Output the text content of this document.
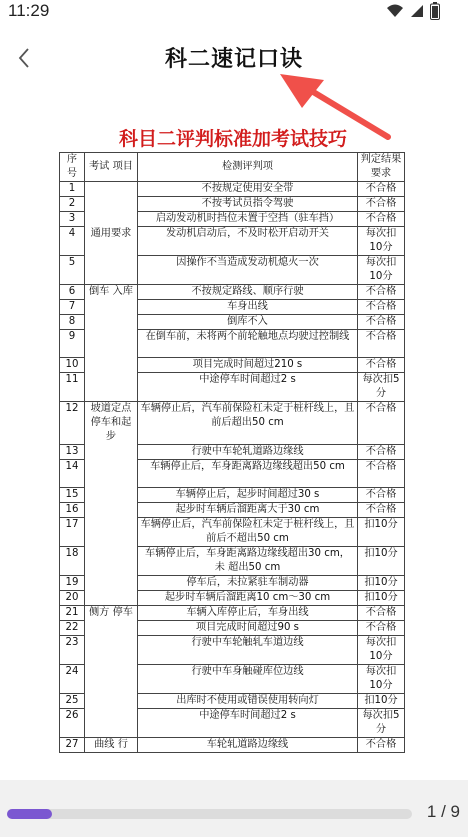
11:29
科二速记口诀
科目二评判标准加考试技巧
序号	考试 项目	检测评判项	判定结果 要求
1		不按规定使用安全带	不合格
2		不按考试员指令驾驶	不合格
3		启动发动机时挡位未置于空挡（驻车挡）	不合格
4	通用要求	发动机启动后，不及时松开启动开关	每次扣10分
5		因操作不当造成发动机熄火一次	每次扣10分
6	倒车 入库	不按规定路线、顺序行驶	不合格
7		车身出线	不合格
8		倒库不入	不合格
9		在倒车前，未将两个前轮触地点均驶过控制线	不合格
10		项目完成时间超过210 s	不合格
11		中途停车时间超过2 s	每次扣5分
12	坡道定点 停车和起 步	车辆停止后，汽车前保险杠未定于桩杆线上，且 前后超出50 cm	不合格
13		行驶中车轮轧道路边缘线	不合格
14		车辆停止后，车身距离路边缘线超出50 cm	不合格
15		车辆停止后，起步时间超过30 s	不合格
16		起步时车辆后溜距离大于30 cm	不合格
17		车辆停止后，汽车前保险杠未定于桩杆线上，且 前后不超出50 cm	扣10分
18		车辆停止后，车身距离路边缘线超出30 cm，未 超出50 cm	扣10分
19		停车后，未拉紧驻车制动器	扣10分
20		起步时车辆后溜距离10 cm～30 cm	扣10分
21	侧方 停车	车辆入库停止后，车身出线	不合格
22		项目完成时间超过90 s	不合格
23		行驶中车轮触轧车道边线	每次扣10分
24		行驶中车身触碰库位边线	每次扣10分
25		出库时不使用或错误使用转向灯	扣10分
26		中途停车时间超过2 s	每次扣5分
27	曲线 行	车轮轧道路边缘线	不合格
1 / 9
